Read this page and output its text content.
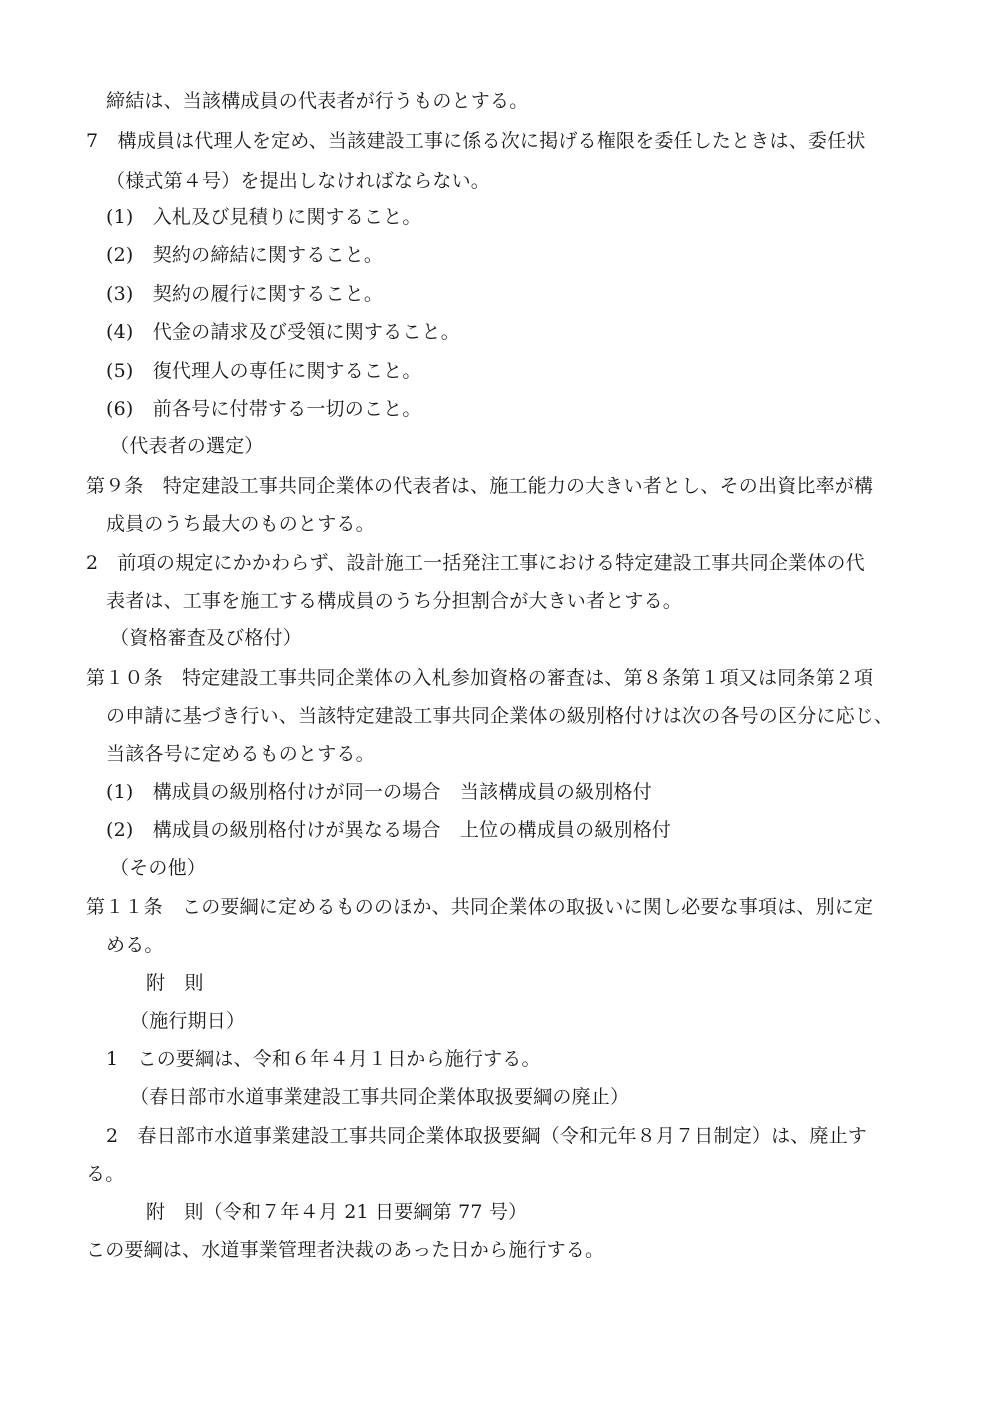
締結は、当該構成員の代表者が行うものとする。
7　構成員は代理人を定め、当該建設工事に係る次に掲げる権限を委任したときは、委任状
（様式第４号）を提出しなければならない。
(1)　入札及び見積りに関すること。
(2)　契約の締結に関すること。
(3)　契約の履行に関すること。
(4)　代金の請求及び受領に関すること。
(5)　復代理人の専任に関すること。
(6)　前各号に付帯する一切のこと。
（代表者の選定）
第９条　特定建設工事共同企業体の代表者は、施工能力の大きい者とし、その出資比率が構
成員のうち最大のものとする。
2　前項の規定にかかわらず、設計施工一括発注工事における特定建設工事共同企業体の代
表者は、工事を施工する構成員のうち分担割合が大きい者とする。
（資格審査及び格付）
第１０条　特定建設工事共同企業体の入札参加資格の審査は、第８条第１項又は同条第２項
の申請に基づき行い、当該特定建設工事共同企業体の級別格付けは次の各号の区分に応じ、
当該各号に定めるものとする。
(1)　構成員の級別格付けが同一の場合　当該構成員の級別格付
(2)　構成員の級別格付けが異なる場合　上位の構成員の級別格付
（その他）
第１１条　この要綱に定めるもののほか、共同企業体の取扱いに関し必要な事項は、別に定
める。
附　則
（施行期日）
1　この要綱は、令和６年４月１日から施行する。
（春日部市水道事業建設工事共同企業体取扱要綱の廃止）
2　春日部市水道事業建設工事共同企業体取扱要綱（令和元年８月７日制定）は、廃止す
る。
附　則（令和７年４月 21 日要綱第 77 号）
この要綱は、水道事業管理者決裁のあった日から施行する。
